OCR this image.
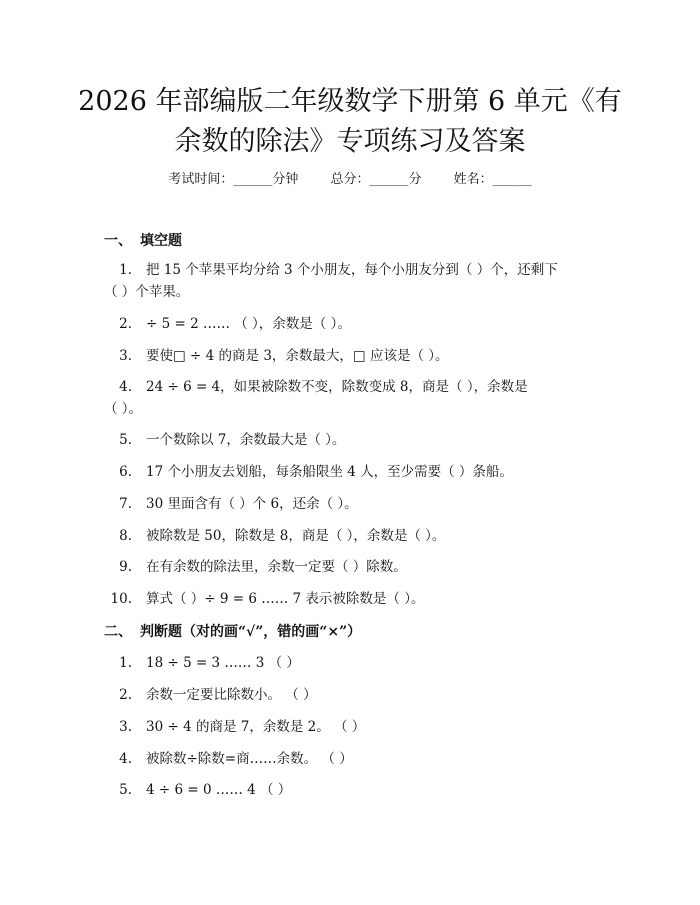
2026 年部编版二年级数学下册第 6 单元《有
余数的除法》专项练习及答案
考试时间：______分钟 总分：______分 姓名：______
一、 填空题
1. 把 15 个苹果平均分给 3 个小朋友，每个小朋友分到（ ）个，还剩下
（ ）个苹果。
2. ÷ 5 = 2 …… （ ），余数是（ ）。
3. 要使□ ÷ 4 的商是 3，余数最大，□ 应该是（ ）。
4. 24 ÷ 6 = 4，如果被除数不变，除数变成 8，商是（ ），余数是
（ ）。
5. 一个数除以 7，余数最大是（ ）。
6. 17 个小朋友去划船，每条船限坐 4 人，至少需要（ ）条船。
7. 30 里面含有（ ）个 6，还余（ ）。
8. 被除数是 50，除数是 8，商是（ ），余数是（ ）。
9. 在有余数的除法里，余数一定要（ ）除数。
10. 算式（ ）÷ 9 = 6 …… 7 表示被除数是（ ）。
二、 判断题（对的画“√”，错的画“×”）
1. 18 ÷ 5 = 3 …… 3 （ ）
2. 余数一定要比除数小。 （ ）
3. 30 ÷ 4 的商是 7，余数是 2。 （ ）
4. 被除数÷除数=商……余数。 （ ）
5. 4 ÷ 6 = 0 …… 4 （ ）
